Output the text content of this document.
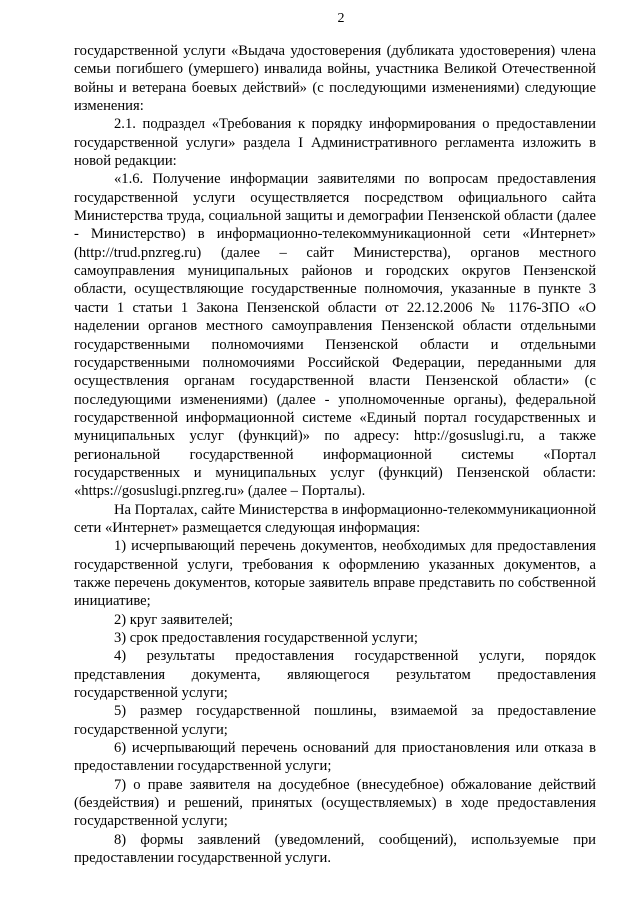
2

государственной услуги «Выдача удостоверения (дубликата удостоверения) члена семьи погибшего (умершего) инвалида войны, участника Великой Отечественной войны и ветерана боевых действий» (с последующими изменениями) следующие изменения:

2.1. подраздел «Требования к порядку информирования о предоставлении государственной услуги» раздела I Административного регламента изложить в новой редакции:

«1.6. Получение информации заявителями по вопросам предоставления государственной услуги осуществляется посредством официального сайта Министерства труда, социальной защиты и демографии Пензенской области (далее - Министерство) в информационно-телекоммуникационной сети «Интернет» (http://trud.pnzreg.ru) (далее – сайт Министерства), органов местного самоуправления муниципальных районов и городских округов Пензенской области, осуществляющие государственные полномочия, указанные в пункте 3 части 1 статьи 1 Закона Пензенской области от 22.12.2006 № 1176-ЗПО «О наделении органов местного самоуправления Пензенской области отдельными государственными полномочиями Пензенской области и отдельными государственными полномочиями Российской Федерации, переданными для осуществления органам государственной власти Пензенской области» (с последующими изменениями) (далее - уполномоченные органы), федеральной государственной информационной системе «Единый портал государственных и муниципальных услуг (функций)» по адресу: http://gosuslugi.ru, а также региональной государственной информационной системы «Портал государственных и муниципальных услуг (функций) Пензенской области: «https://gosuslugi.pnzreg.ru» (далее – Порталы).

На Порталах, сайте Министерства в информационно-телекоммуникационной сети «Интернет» размещается следующая информация:

1) исчерпывающий перечень документов, необходимых для предоставления государственной услуги, требования к оформлению указанных документов, а также перечень документов, которые заявитель вправе представить по собственной инициативе;

2) круг заявителей;

3) срок предоставления государственной услуги;

4) результаты предоставления государственной услуги, порядок представления документа, являющегося результатом предоставления государственной услуги;

5) размер государственной пошлины, взимаемой за предоставление государственной услуги;

6) исчерпывающий перечень оснований для приостановления или отказа в предоставлении государственной услуги;

7) о праве заявителя на досудебное (внесудебное) обжалование действий (бездействия) и решений, принятых (осуществляемых) в ходе предоставления государственной услуги;

8) формы заявлений (уведомлений, сообщений), используемые при предоставлении государственной услуги.
